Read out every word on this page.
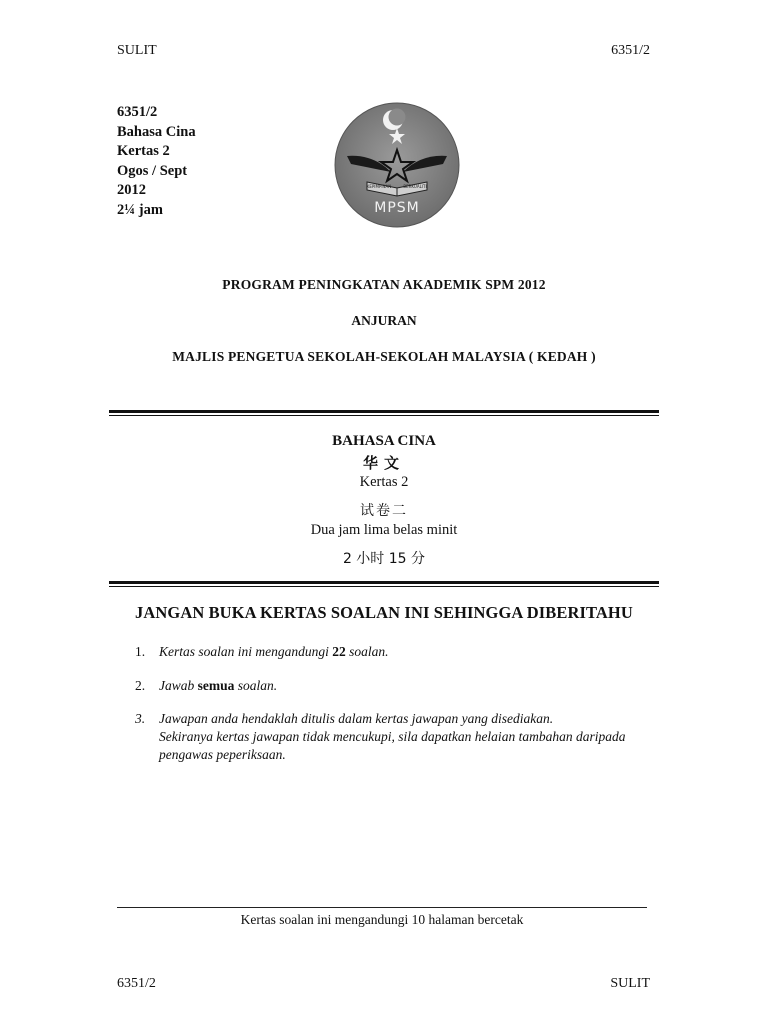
SULIT	6351/2
6351/2
Bahasa Cina
Kertas 2
Ogos / Sept
2012
2¼ jam
KEPIMPINAN	BERKUALITI
MPSM
PROGRAM PENINGKATAN AKADEMIK SPM 2012
ANJURAN
MAJLIS PENGETUA SEKOLAH-SEKOLAH MALAYSIA ( KEDAH )
BAHASA CINA
华文
Kertas 2
试卷二
Dua jam lima belas minit
2 小时 15 分
JANGAN BUKA KERTAS SOALAN INI SEHINGGA DIBERITAHU
1. Kertas soalan ini mengandungi 22 soalan.
2. Jawab semua soalan.
3. Jawapan anda hendaklah ditulis dalam kertas jawapan yang disediakan.
Sekiranya kertas jawapan tidak mencukupi, sila dapatkan helaian tambahan daripada
pengawas peperiksaan.
Kertas soalan ini mengandungi 10 halaman bercetak
6351/2	SULIT
